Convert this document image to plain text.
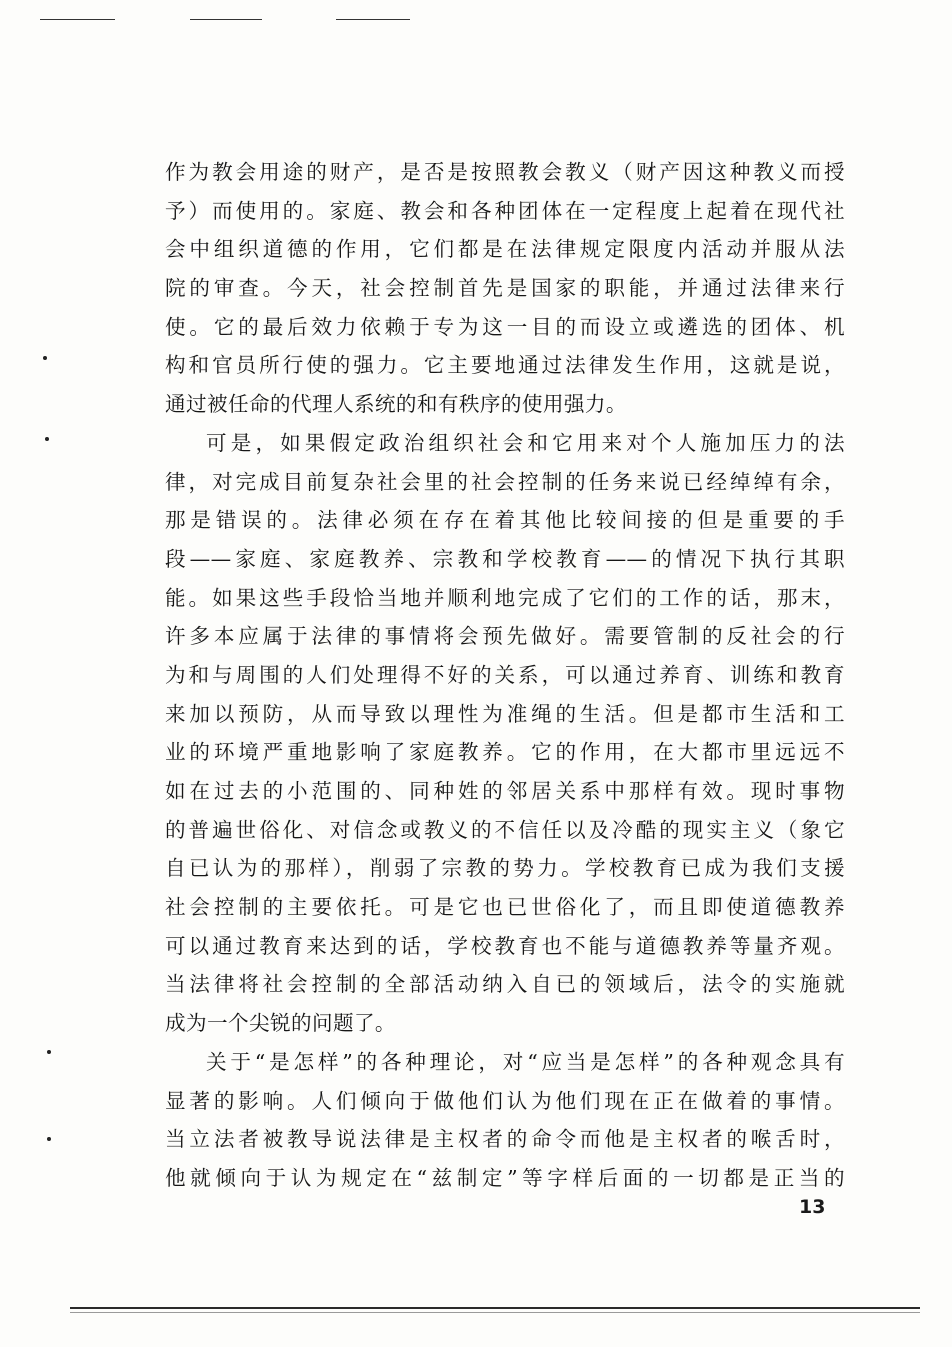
作为教会用途的财产，是否是按照教会教义（财产因这种教义而授
予）而使用的。家庭、教会和各种团体在一定程度上起着在现代社
会中组织道德的作用，它们都是在法律规定限度内活动并服从法
院的审查。今天，社会控制首先是国家的职能，并通过法律来行
使。它的最后效力依赖于专为这一目的而设立或遴选的团体、机
构和官员所行使的强力。它主要地通过法律发生作用，这就是说，
通过被任命的代理人系统的和有秩序的使用强力。
可是，如果假定政治组织社会和它用来对个人施加压力的法
律，对完成目前复杂社会里的社会控制的任务来说已经绰绰有余，
那是错误的。法律必须在存在着其他比较间接的但是重要的手
段——家庭、家庭教养、宗教和学校教育——的情况下执行其职
能。如果这些手段恰当地并顺利地完成了它们的工作的话，那末，
许多本应属于法律的事情将会预先做好。需要管制的反社会的行
为和与周围的人们处理得不好的关系，可以通过养育、训练和教育
来加以预防，从而导致以理性为准绳的生活。但是都市生活和工
业的环境严重地影响了家庭教养。它的作用，在大都市里远远不
如在过去的小范围的、同种姓的邻居关系中那样有效。现时事物
的普遍世俗化、对信念或教义的不信任以及冷酷的现实主义（象它
自已认为的那样），削弱了宗教的势力。学校教育已成为我们支援
社会控制的主要依托。可是它也已世俗化了，而且即使道德教养
可以通过教育来达到的话，学校教育也不能与道德教养等量齐观。
当法律将社会控制的全部活动纳入自已的领域后，法令的实施就
成为一个尖锐的问题了。
关于“是怎样”的各种理论，对“应当是怎样”的各种观念具有
显著的影响。人们倾向于做他们认为他们现在正在做着的事情。
当立法者被教导说法律是主权者的命令而他是主权者的喉舌时，
他就倾向于认为规定在“兹制定”等字样后面的一切都是正当的
13
